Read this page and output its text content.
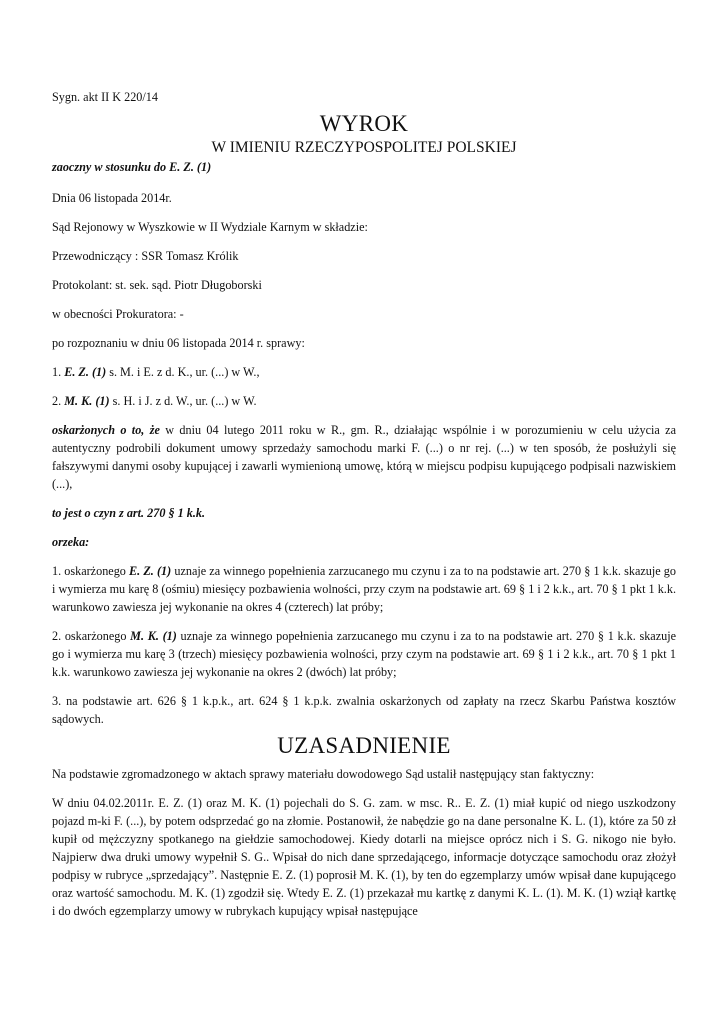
Sygn. akt II K 220/14

WYROK

W IMIENIU RZECZYPOSPOLITEJ POLSKIEJ

zaoczny w stosunku do E. Z. (1)

Dnia 06 listopada 2014r.

Sąd Rejonowy w Wyszkowie w II Wydziale Karnym w składzie:

Przewodniczący : SSR Tomasz Królik

Protokolant: st. sek. sąd. Piotr Długoborski

w obecności Prokuratora: -

po rozpoznaniu w dniu 06 listopada 2014 r. sprawy:

1. E. Z. (1) s. M. i E. z d. K., ur. (...) w W.,

2. M. K. (1) s. H. i J. z d. W., ur. (...) w W.

oskarżonych o to, że w dniu 04 lutego 2011 roku w R., gm. R., działając wspólnie i w porozumieniu w celu użycia za autentyczny podrobili dokument umowy sprzedaży samochodu marki F. (...) o nr rej. (...) w ten sposób, że posłużyli się fałszywymi danymi osoby kupującej i zawarli wymienioną umowę, którą w miejscu podpisu kupującego podpisali nazwiskiem (...),

to jest o czyn z art. 270 § 1 k.k.

orzeka:

1. oskarżonego E. Z. (1) uznaje za winnego popełnienia zarzucanego mu czynu i za to na podstawie art. 270 § 1 k.k. skazuje go i wymierza mu karę 8 (ośmiu) miesięcy pozbawienia wolności, przy czym na podstawie art. 69 § 1 i 2 k.k., art. 70 § 1 pkt 1 k.k. warunkowo zawiesza jej wykonanie na okres 4 (czterech) lat próby;

2. oskarżonego M. K. (1) uznaje za winnego popełnienia zarzucanego mu czynu i za to na podstawie art. 270 § 1 k.k. skazuje go i wymierza mu karę 3 (trzech) miesięcy pozbawienia wolności, przy czym na podstawie art. 69 § 1 i 2 k.k., art. 70 § 1 pkt 1 k.k. warunkowo zawiesza jej wykonanie na okres 2 (dwóch) lat próby;

3. na podstawie art. 626 § 1 k.p.k., art. 624 § 1 k.p.k. zwalnia oskarżonych od zapłaty na rzecz Skarbu Państwa kosztów sądowych.

UZASADNIENIE

Na podstawie zgromadzonego w aktach sprawy materiału dowodowego Sąd ustalił następujący stan faktyczny:

W dniu 04.02.2011r. E. Z. (1) oraz M. K. (1) pojechali do S. G. zam. w msc. R.. E. Z. (1) miał kupić od niego uszkodzony pojazd m-ki F. (...), by potem odsprzedać go na złomie. Postanowił, że nabędzie go na dane personalne K. L. (1), które za 50 zł kupił od mężczyzny spotkanego na giełdzie samochodowej. Kiedy dotarli na miejsce oprócz nich i S. G. nikogo nie było. Najpierw dwa druki umowy wypełnił S. G.. Wpisał do nich dane sprzedającego, informacje dotyczące samochodu oraz złożył podpisy w rubryce „sprzedający”. Następnie E. Z. (1) poprosił M. K. (1), by ten do egzemplarzy umów wpisał dane kupującego oraz wartość samochodu. M. K. (1) zgodził się. Wtedy E. Z. (1) przekazał mu kartkę z danymi K. L. (1). M. K. (1) wziął kartkę i do dwóch egzemplarzy umowy w rubrykach kupujący wpisał następujące
